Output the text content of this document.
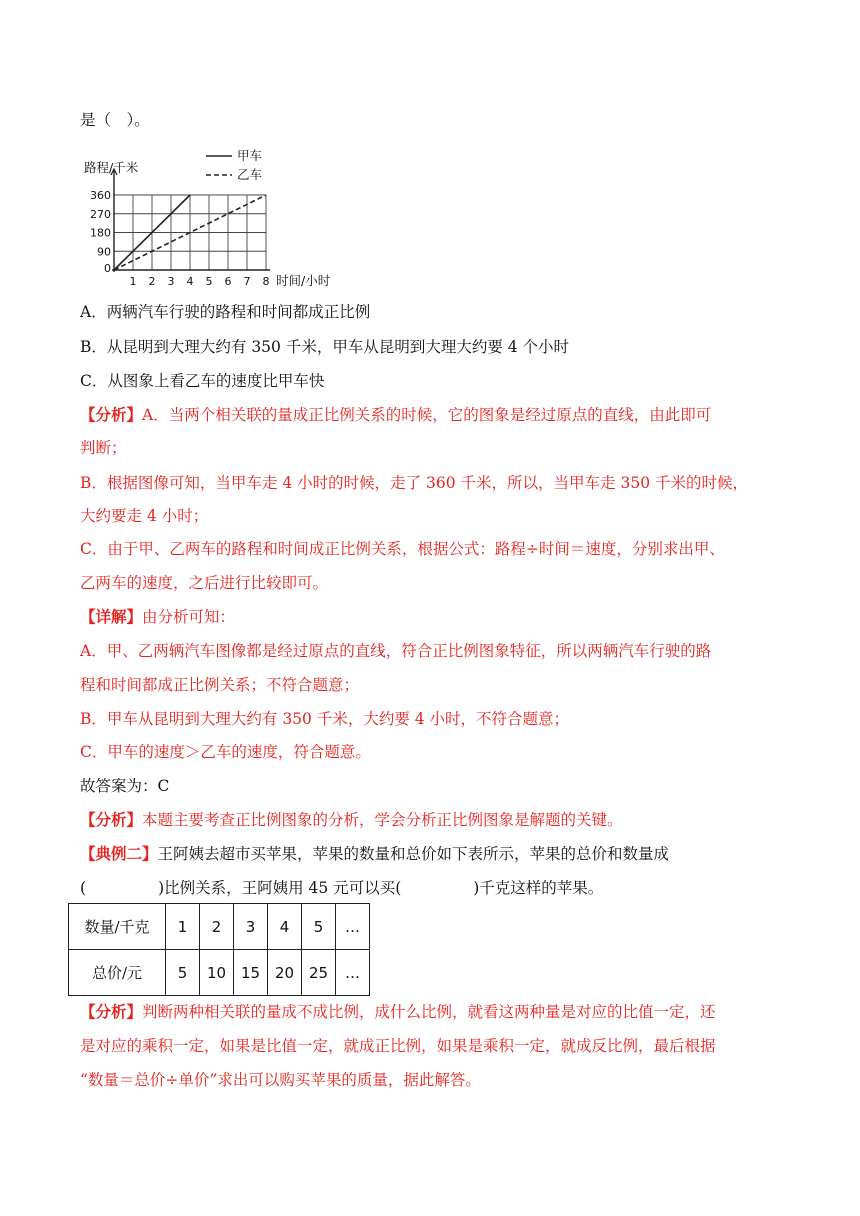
是（　）。
360
270
180
90
0
1 2 3 4 5 6 7 8
路程/千米
时间/小时
甲车
乙车
A．两辆汽车行驶的路程和时间都成正比例
B．从昆明到大理大约有 350 千米，甲车从昆明到大理大约要 4 个小时
C．从图象上看乙车的速度比甲车快
【分析】A．当两个相关联的量成正比例关系的时候，它的图象是经过原点的直线，由此即可
判断；
B．根据图像可知，当甲车走 4 小时的时候，走了 360 千米，所以，当甲车走 350 千米的时候，
大约要走 4 小时；
C．由于甲、乙两车的路程和时间成正比例关系，根据公式：路程÷时间＝速度，分别求出甲、
乙两车的速度，之后进行比较即可。
【详解】由分析可知：
A．甲、乙两辆汽车图像都是经过原点的直线，符合正比例图象特征，所以两辆汽车行驶的路
程和时间都成正比例关系；不符合题意；
B．甲车从昆明到大理大约有 350 千米，大约要 4 小时，不符合题意；
C．甲车的速度＞乙车的速度，符合题意。
故答案为：C
【分析】本题主要考查正比例图象的分析，学会分析正比例图象是解题的关键。
【典例二】王阿姨去超市买苹果，苹果的数量和总价如下表所示，苹果的总价和数量成
(	)比例关系，王阿姨用 45 元可以买(	)千克这样的苹果。
数量/千克	1	2	3	4	5	…
总价/元	5	10	15	20	25	…
【分析】判断两种相关联的量成不成比例，成什么比例，就看这两种量是对应的比值一定，还
是对应的乘积一定，如果是比值一定，就成正比例，如果是乘积一定，就成反比例，最后根据
“数量＝总价÷单价”求出可以购买苹果的质量，据此解答。
